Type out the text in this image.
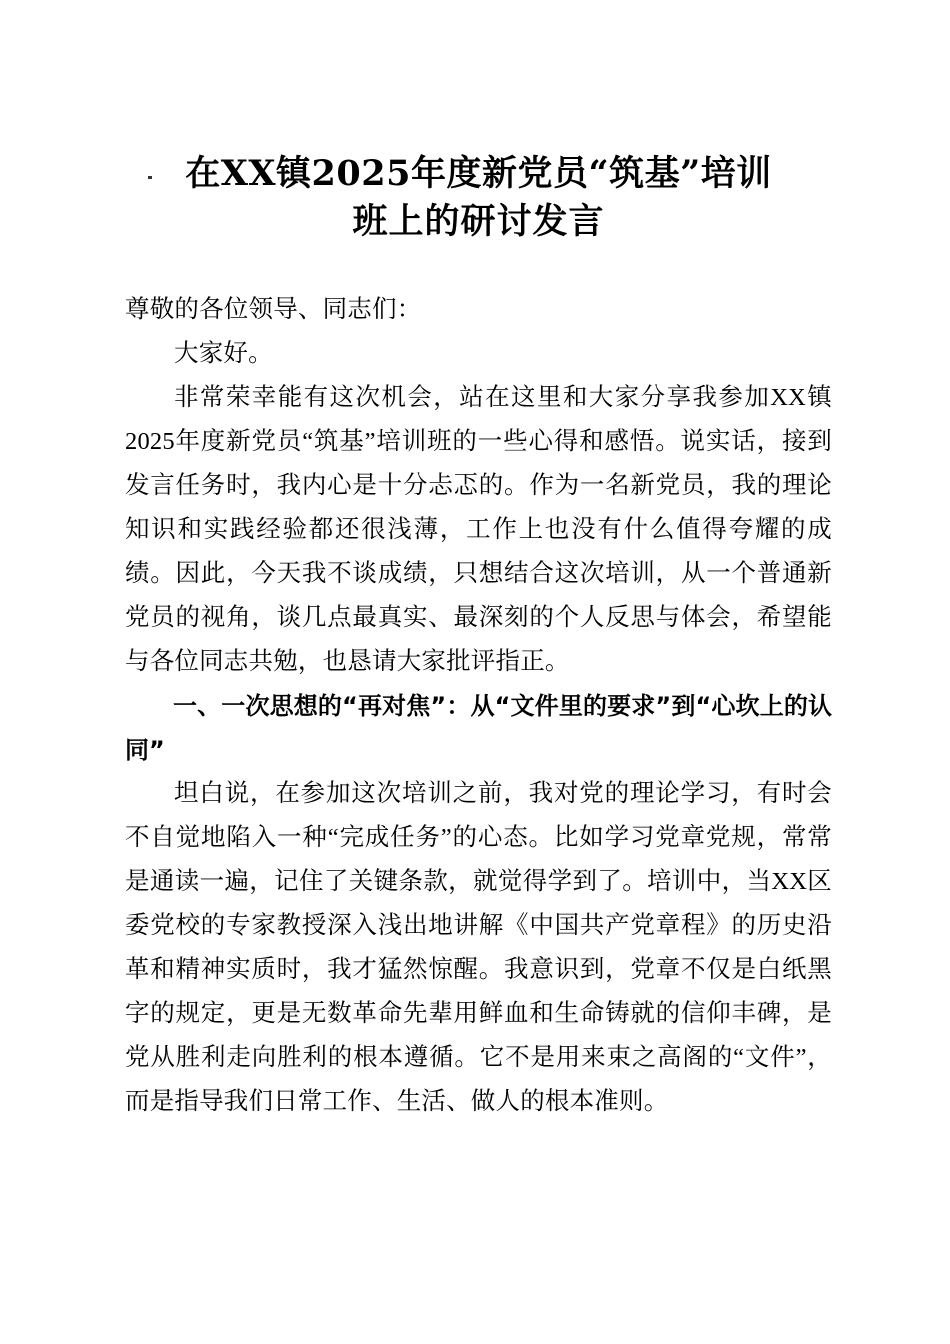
在XX镇2025年度新党员“筑基”培训
班上的研讨发言

尊敬的各位领导、同志们：

大家好。

非常荣幸能有这次机会，站在这里和大家分享我参加XX镇2025年度新党员“筑基”培训班的一些心得和感悟。说实话，接到发言任务时，我内心是十分忐忑的。作为一名新党员，我的理论知识和实践经验都还很浅薄，工作上也没有什么值得夸耀的成绩。因此，今天我不谈成绩，只想结合这次培训，从一个普通新党员的视角，谈几点最真实、最深刻的个人反思与体会，希望能与各位同志共勉，也恳请大家批评指正。

一、一次思想的“再对焦”：从“文件里的要求”到“心坎上的认同”

坦白说，在参加这次培训之前，我对党的理论学习，有时会不自觉地陷入一种“完成任务”的心态。比如学习党章党规，常常是通读一遍，记住了关键条款，就觉得学到了。培训中，当XX区委党校的专家教授深入浅出地讲解《中国共产党章程》的历史沿革和精神实质时，我才猛然惊醒。我意识到，党章不仅是白纸黑字的规定，更是无数革命先辈用鲜血和生命铸就的信仰丰碑，是党从胜利走向胜利的根本遵循。它不是用来束之高阁的“文件”，而是指导我们日常工作、生活、做人的根本准则。
